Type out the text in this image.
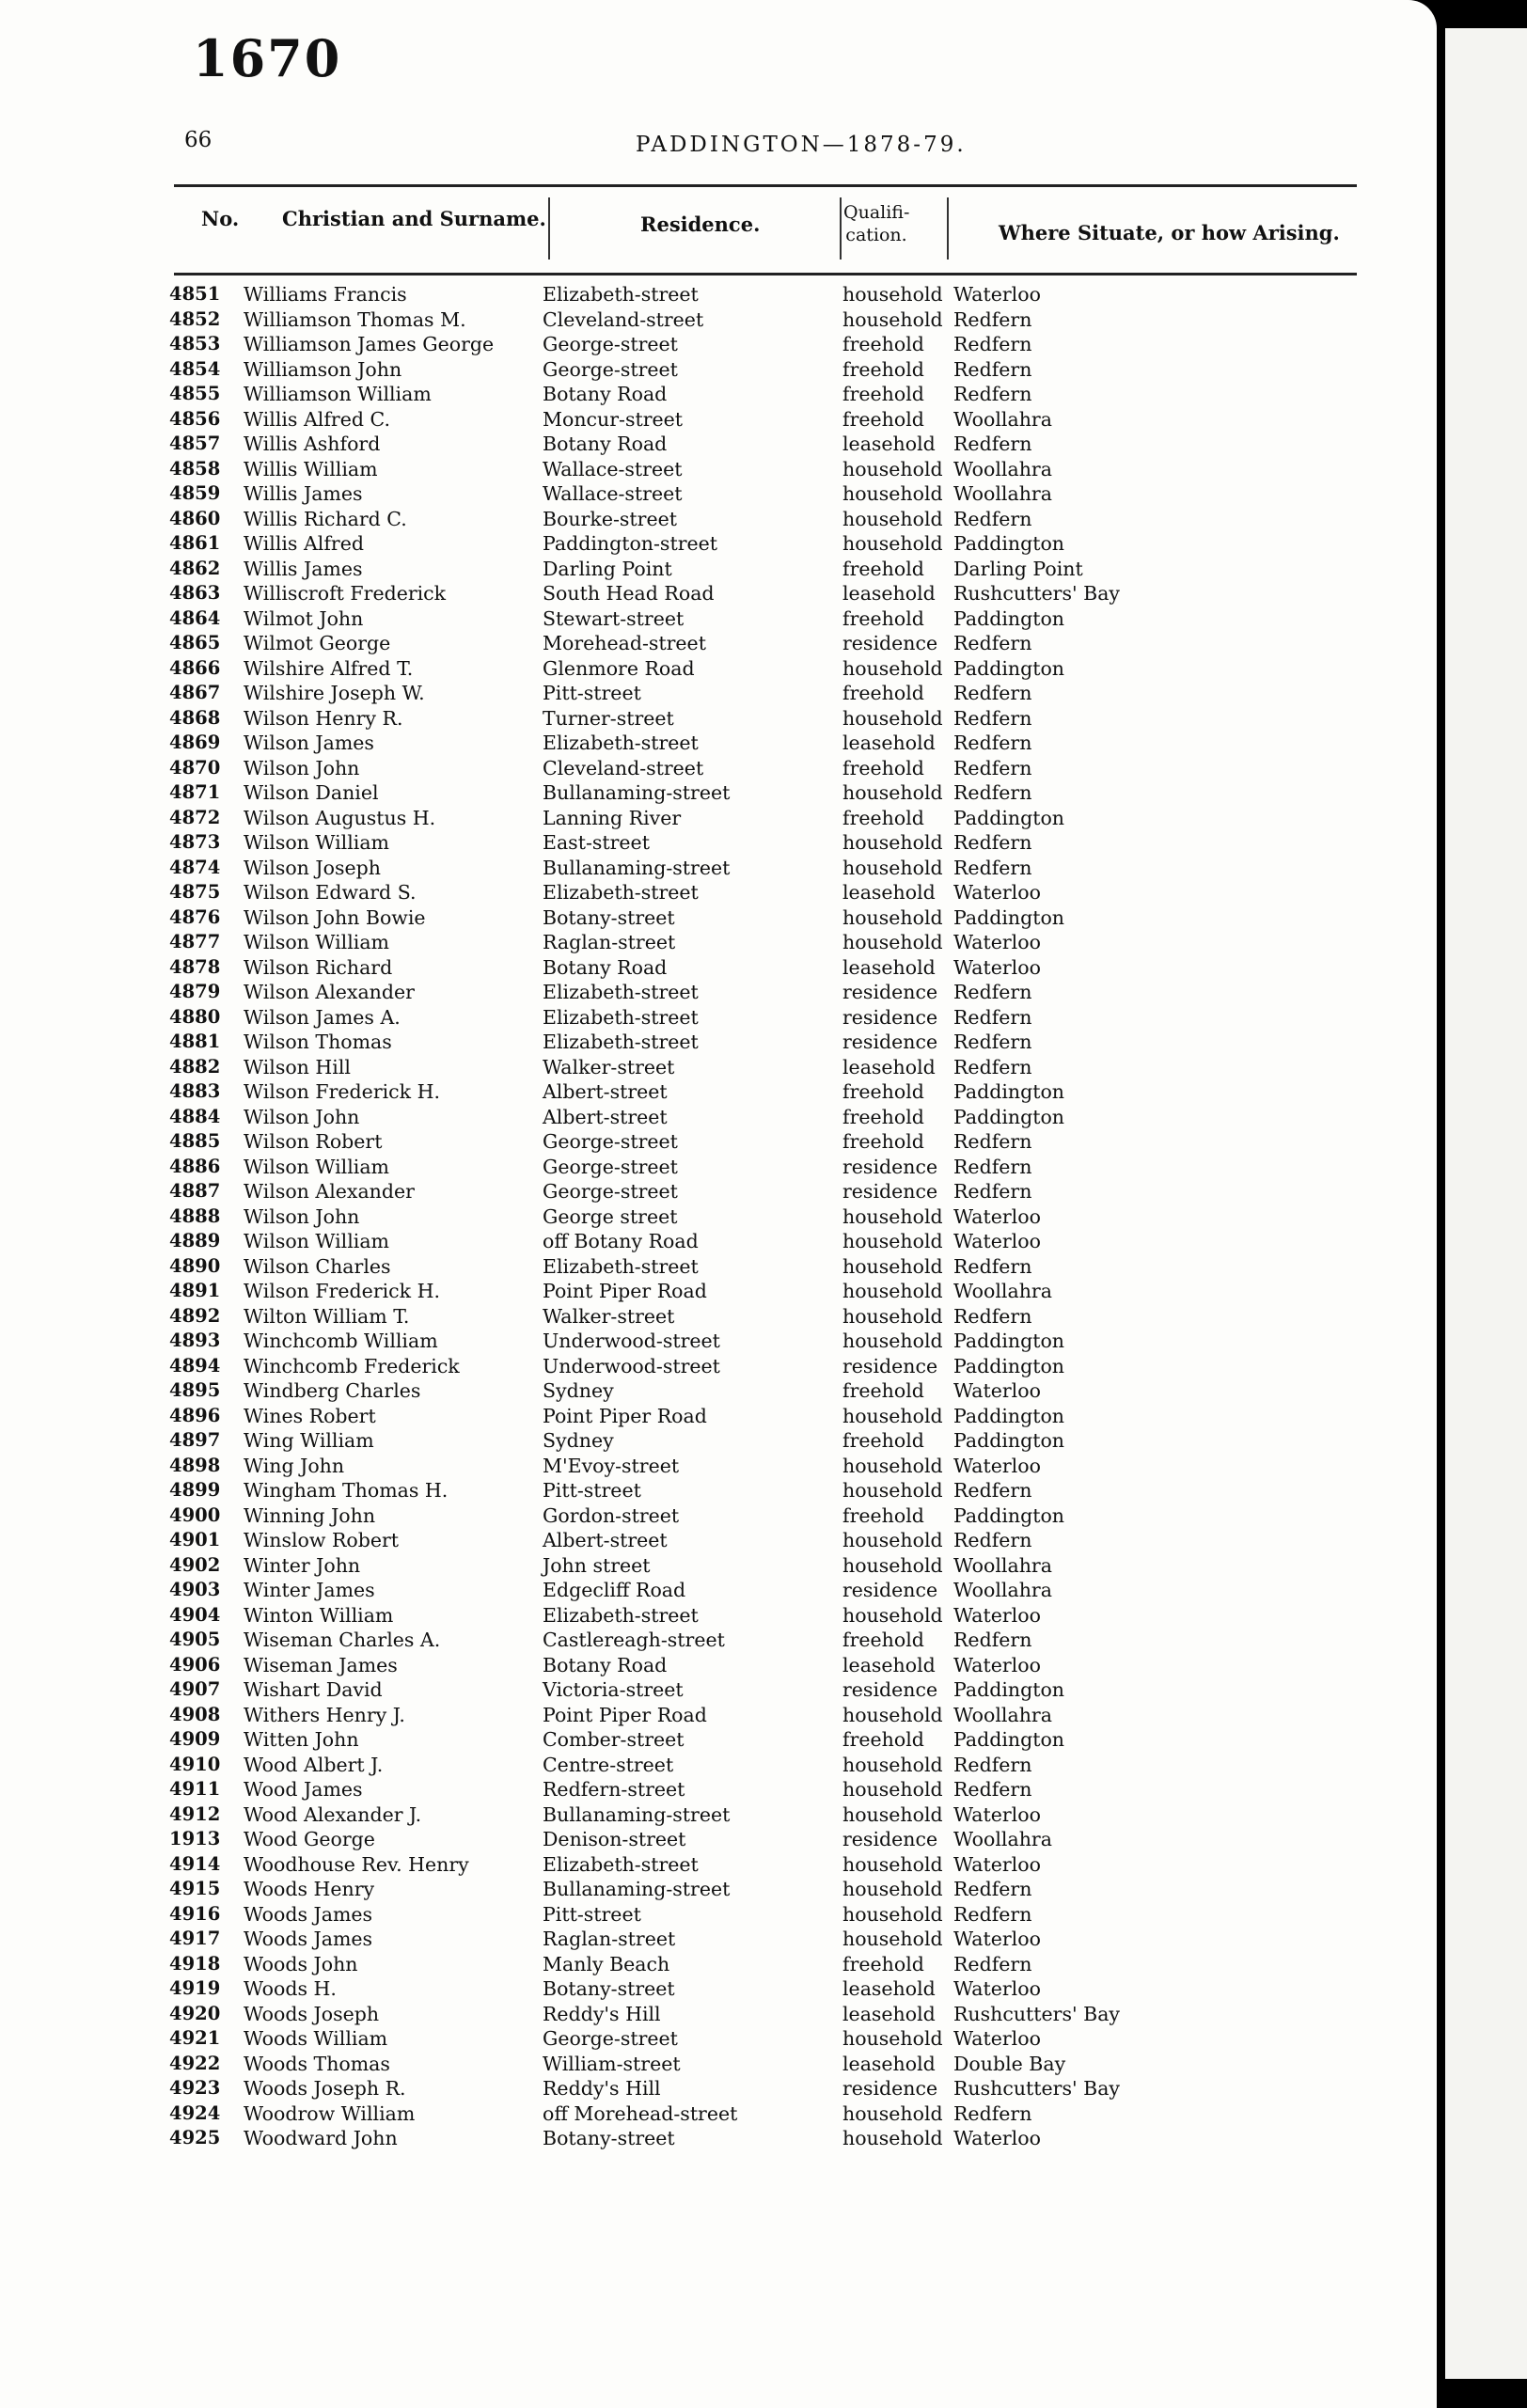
1670
66	PADDINGTON—1878-79.
No. Christian and Surname.	Residence.	Qualifi-cation.	Where Situate, or how Arising.
4851 Williams Francis	Elizabeth-street	household Waterloo
4852 Williamson Thomas M.	Cleveland-street	household Redfern
4853 Williamson James George	George-street	freehold Redfern
4854 Williamson John	George-street	freehold Redfern
4855 Williamson William	Botany Road	freehold Redfern
4856 Willis Alfred C.	Moncur-street	freehold Woollahra
4857 Willis Ashford	Botany Road	leasehold Redfern
4858 Willis William	Wallace-street	household Woollahra
4859 Willis James	Wallace-street	household Woollahra
4860 Willis Richard C.	Bourke-street	household Redfern
4861 Willis Alfred	Paddington-street	household Paddington
4862 Willis James	Darling Point	freehold Darling Point
4863 Williscroft Frederick	South Head Road	leasehold Rushcutters' Bay
4864 Wilmot John	Stewart-street	freehold Paddington
4865 Wilmot George	Morehead-street	residence Redfern
4866 Wilshire Alfred T.	Glenmore Road	household Paddington
4867 Wilshire Joseph W.	Pitt-street	freehold Redfern
4868 Wilson Henry R.	Turner-street	household Redfern
4869 Wilson James	Elizabeth-street	leasehold Redfern
4870 Wilson John	Cleveland-street	freehold Redfern
4871 Wilson Daniel	Bullanaming-street	household Redfern
4872 Wilson Augustus H.	Lanning River	freehold Paddington
4873 Wilson William	East-street	household Redfern
4874 Wilson Joseph	Bullanaming-street	household Redfern
4875 Wilson Edward S.	Elizabeth-street	leasehold Waterloo
4876 Wilson John Bowie	Botany-street	household Paddington
4877 Wilson William	Raglan-street	household Waterloo
4878 Wilson Richard	Botany Road	leasehold Waterloo
4879 Wilson Alexander	Elizabeth-street	residence Redfern
4880 Wilson James A.	Elizabeth-street	residence Redfern
4881 Wilson Thomas	Elizabeth-street	residence Redfern
4882 Wilson Hill	Walker-street	leasehold Redfern
4883 Wilson Frederick H.	Albert-street	freehold Paddington
4884 Wilson John	Albert-street	freehold Paddington
4885 Wilson Robert	George-street	freehold Redfern
4886 Wilson William	George-street	residence Redfern
4887 Wilson Alexander	George-street	residence Redfern
4888 Wilson John	George street	household Waterloo
4889 Wilson William	off Botany Road	household Waterloo
4890 Wilson Charles	Elizabeth-street	household Redfern
4891 Wilson Frederick H.	Point Piper Road	household Woollahra
4892 Wilton William T.	Walker-street	household Redfern
4893 Winchcomb William	Underwood-street	household Paddington
4894 Winchcomb Frederick	Underwood-street	residence Paddington
4895 Windberg Charles	Sydney	freehold Waterloo
4896 Wines Robert	Point Piper Road	household Paddington
4897 Wing William	Sydney	freehold Paddington
4898 Wing John	M'Evoy-street	household Waterloo
4899 Wingham Thomas H.	Pitt-street	household Redfern
4900 Winning John	Gordon-street	freehold Paddington
4901 Winslow Robert	Albert-street	household Redfern
4902 Winter John	John street	household Woollahra
4903 Winter James	Edgecliff Road	residence Woollahra
4904 Winton William	Elizabeth-street	household Waterloo
4905 Wiseman Charles A.	Castlereagh-street	freehold Redfern
4906 Wiseman James	Botany Road	leasehold Waterloo
4907 Wishart David	Victoria-street	residence Paddington
4908 Withers Henry J.	Point Piper Road	household Woollahra
4909 Witten John	Comber-street	freehold Paddington
4910 Wood Albert J.	Centre-street	household Redfern
4911 Wood James	Redfern-street	household Redfern
4912 Wood Alexander J.	Bullanaming-street	household Waterloo
1913 Wood George	Denison-street	residence Woollahra
4914 Woodhouse Rev. Henry	Elizabeth-street	household Waterloo
4915 Woods Henry	Bullanaming-street	household Redfern
4916 Woods James	Pitt-street	household Redfern
4917 Woods James	Raglan-street	household Waterloo
4918 Woods John	Manly Beach	freehold Redfern
4919 Woods H.	Botany-street	leasehold Waterloo
4920 Woods Joseph	Reddy's Hill	leasehold Rushcutters' Bay
4921 Woods William	George-street	household Waterloo
4922 Woods Thomas	William-street	leasehold Double Bay
4923 Woods Joseph R.	Reddy's Hill	residence Rushcutters' Bay
4924 Woodrow William	off Morehead-street	household Redfern
4925 Woodward John	Botany-street	household Waterloo
